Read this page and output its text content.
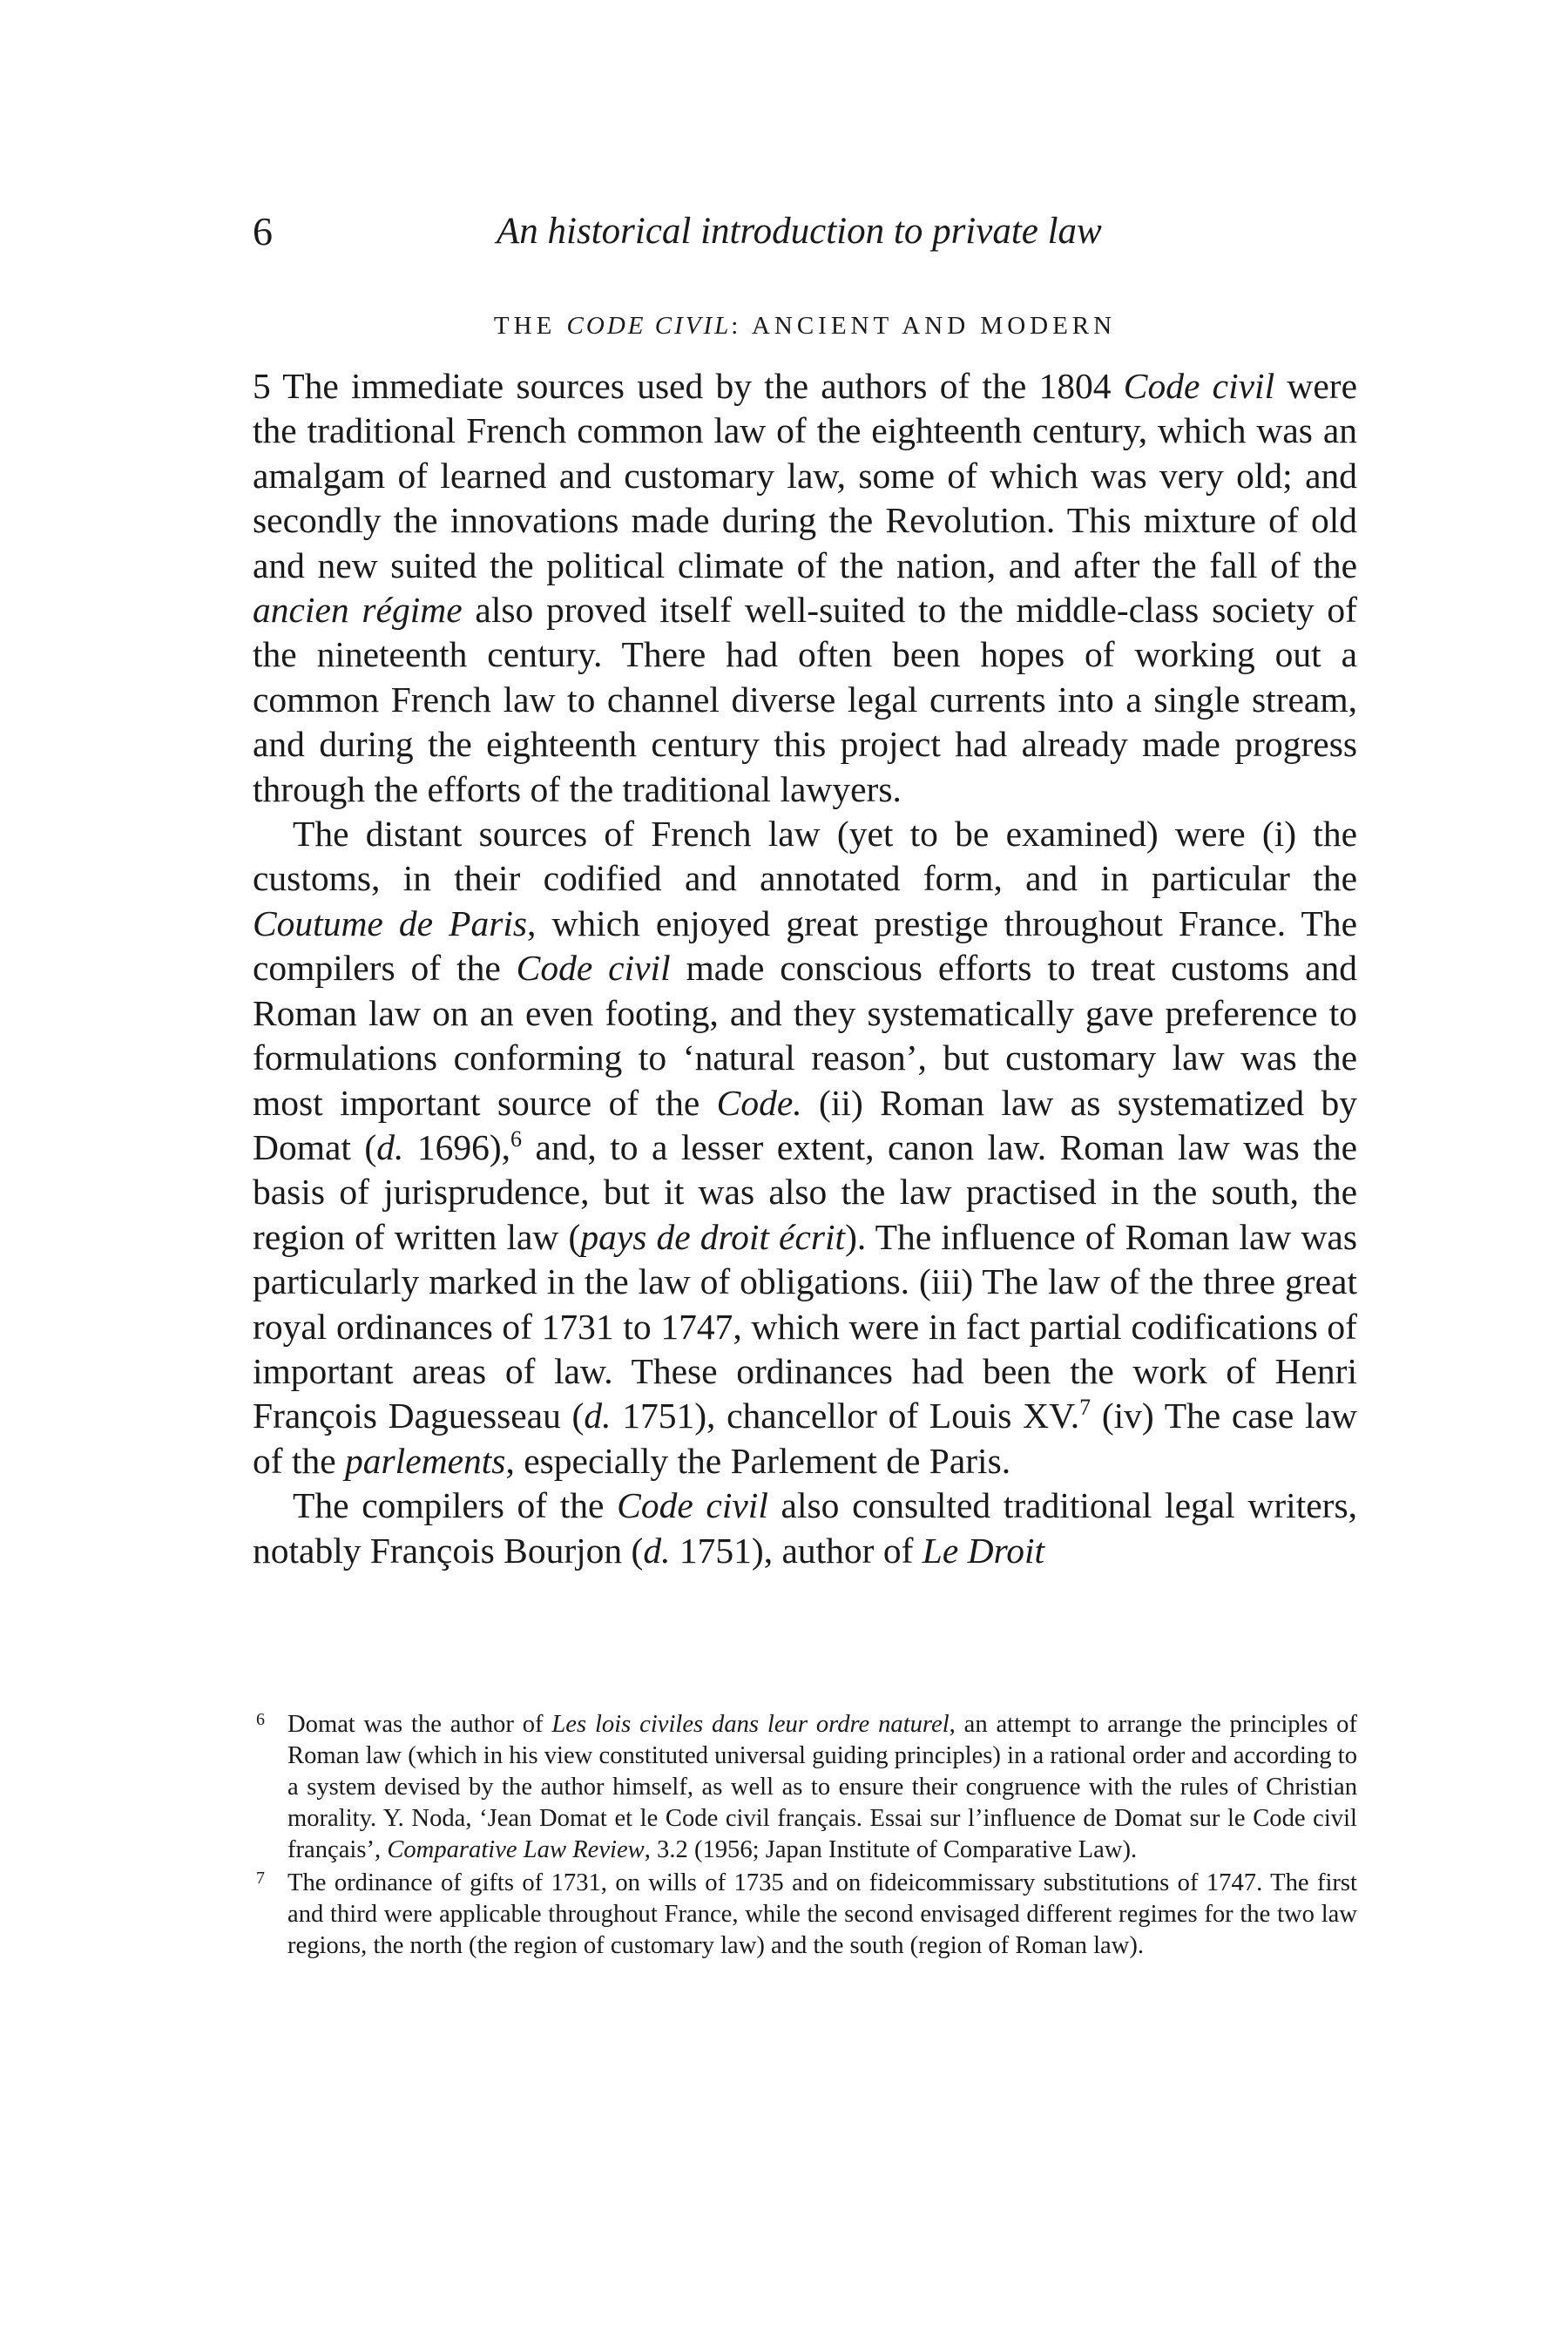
6	An historical introduction to private law
THE CODE CIVIL: ANCIENT AND MODERN

5 The immediate sources used by the authors of the 1804 Code civil were the traditional French common law of the eighteenth century, which was an amalgam of learned and customary law, some of which was very old; and secondly the innovations made during the Revolution. This mixture of old and new suited the political climate of the nation, and after the fall of the ancien régime also proved itself well-suited to the middle-class society of the nineteenth century. There had often been hopes of working out a common French law to channel diverse legal currents into a single stream, and during the eighteenth century this project had already made progress through the efforts of the traditional lawyers.

The distant sources of French law (yet to be examined) were (i) the customs, in their codified and annotated form, and in particular the Coutume de Paris, which enjoyed great prestige throughout France. The compilers of the Code civil made conscious efforts to treat customs and Roman law on an even footing, and they systematically gave preference to formulations conforming to ‘natural reason’, but customary law was the most important source of the Code. (ii) Roman law as systematized by Domat (d. 1696),$^6$ and, to a lesser extent, canon law. Roman law was the basis of jurisprudence, but it was also the law practised in the south, the region of written law (pays de droit écrit). The influence of Roman law was particularly marked in the law of obligations. (iii) The law of the three great royal ordinances of 1731 to 1747, which were in fact partial codifications of important areas of law. These ordinances had been the work of Henri François Daguesseau (d. 1751), chancellor of Louis XV.$^7$ (iv) The case law of the parlements, especially the Parlement de Paris.

The compilers of the Code civil also consulted traditional legal writers, notably François Bourjon (d. 1751), author of Le Droit

6 Domat was the author of Les lois civiles dans leur ordre naturel, an attempt to arrange the principles of Roman law (which in his view constituted universal guiding principles) in a rational order and according to a system devised by the author himself, as well as to ensure their congruence with the rules of Christian morality. Y. Noda, ‘Jean Domat et le Code civil français. Essai sur l’influence de Domat sur le Code civil français’, Comparative Law Review, 3.2 (1956; Japan Institute of Comparative Law).

7 The ordinance of gifts of 1731, on wills of 1735 and on fideicommissary substitutions of 1747. The first and third were applicable throughout France, while the second envisaged different regimes for the two law regions, the north (the region of customary law) and the south (region of Roman law).
